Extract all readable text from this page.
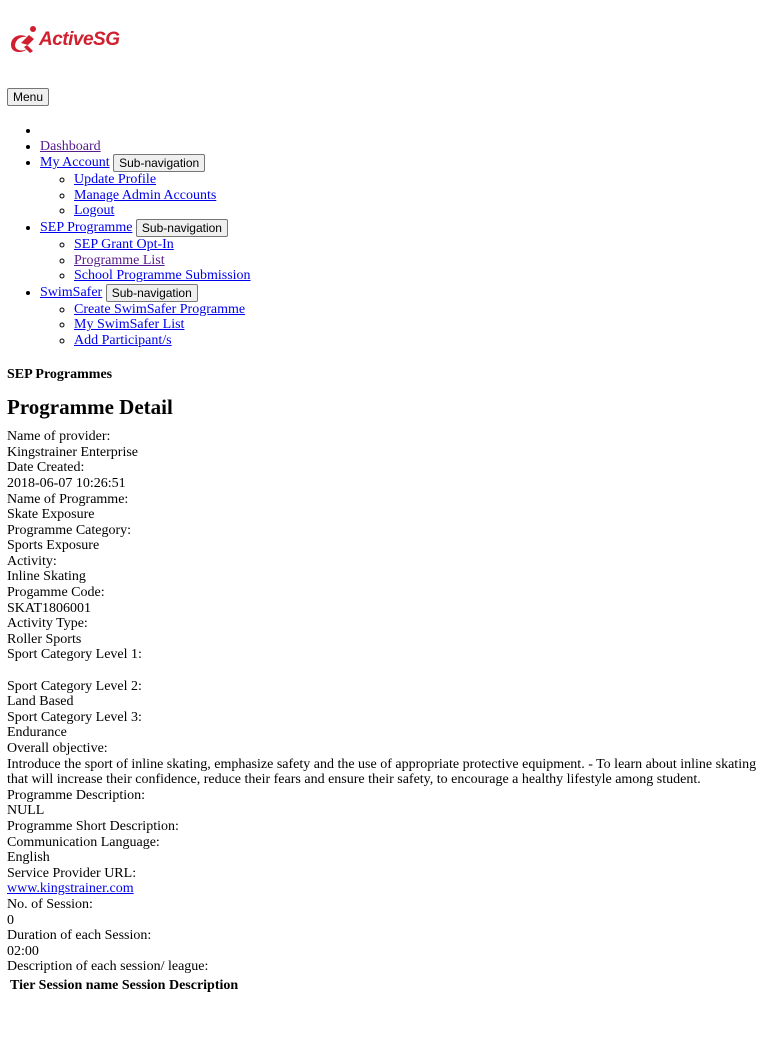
ActiveSG
Menu
•
• Dashboard
• My Account Sub-navigation
◦ Update Profile
◦ Manage Admin Accounts
◦ Logout
• SEP Programme Sub-navigation
◦ SEP Grant Opt-In
◦ Programme List
◦ School Programme Submission
• SwimSafer Sub-navigation
◦ Create SwimSafer Programme
◦ My SwimSafer List
◦ Add Participant/s
SEP Programmes
Programme Detail
Name of provider:
Kingstrainer Enterprise
Date Created:
2018-06-07 10:26:51
Name of Programme:
Skate Exposure
Programme Category:
Sports Exposure
Activity:
Inline Skating
Progamme Code:
SKAT1806001
Activity Type:
Roller Sports
Sport Category Level 1:
Sport Category Level 2:
Land Based
Sport Category Level 3:
Endurance
Overall objective:
Introduce the sport of inline skating, emphasize safety and the use of appropriate protective equipment. - To learn about inline skating that will increase their confidence, reduce their fears and ensure their safety, to encourage a healthy lifestyle among student.
Programme Description:
NULL
Programme Short Description:
Communication Language:
English
Service Provider URL:
www.kingstrainer.com
No. of Session:
0
Duration of each Session:
02:00
Description of each session/ league:
Tier Session name Session Description
